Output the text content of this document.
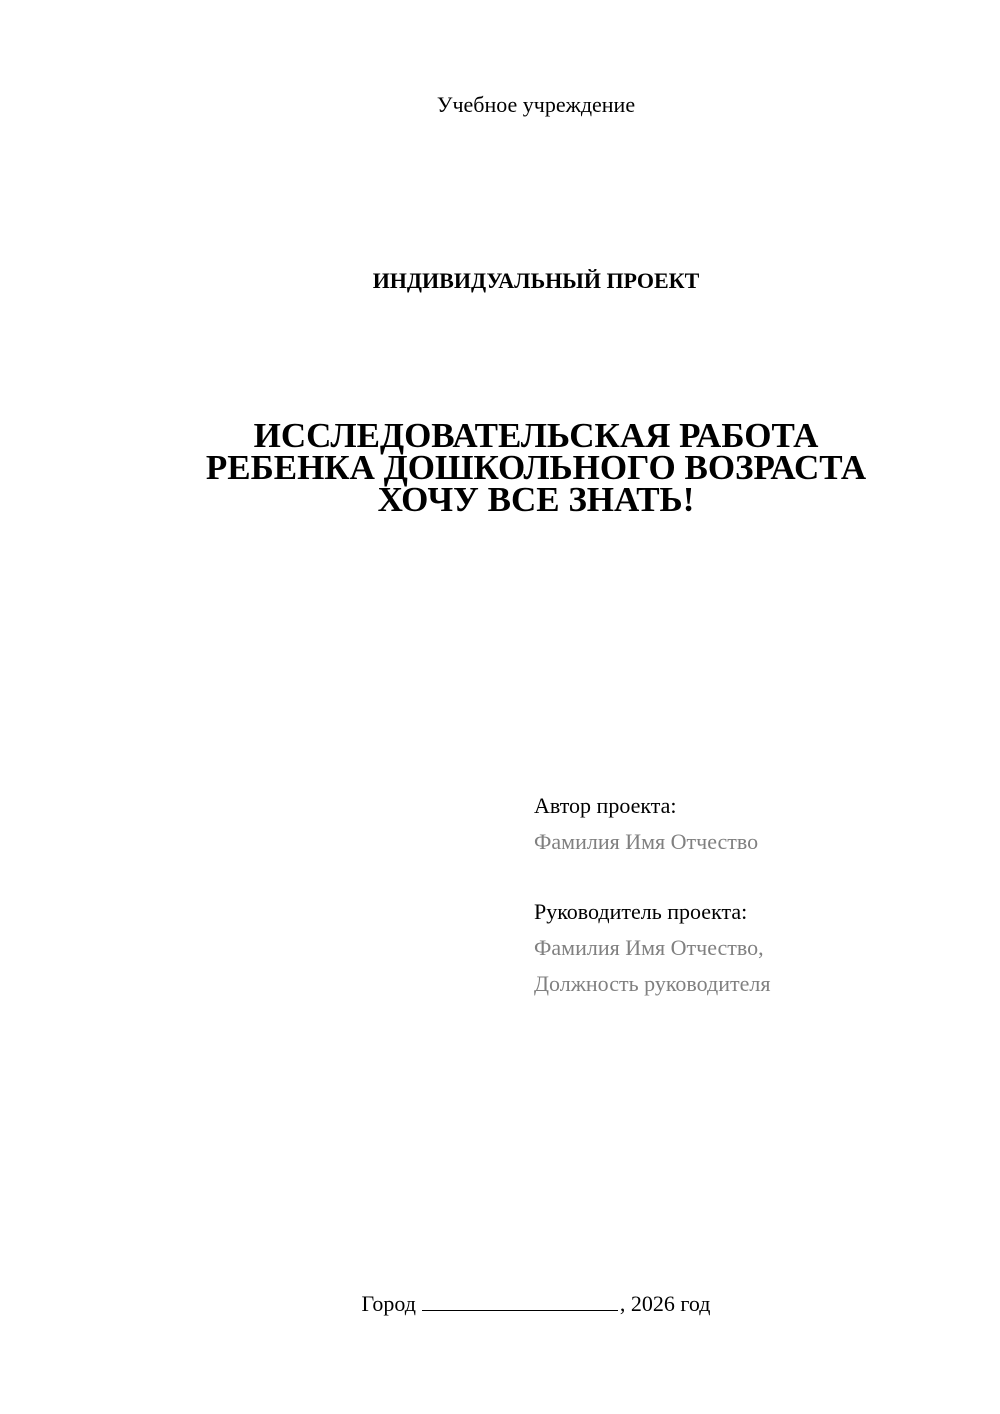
Учебное учреждение
ИНДИВИДУАЛЬНЫЙ ПРОЕКТ
ИССЛЕДОВАТЕЛЬСКАЯ РАБОТА
РЕБЕНКА ДОШКОЛЬНОГО ВОЗРАСТА
ХОЧУ ВСЕ ЗНАТЬ!
Автор проекта:
Фамилия Имя Отчество
Руководитель проекта:
Фамилия Имя Отчество,
Должность руководителя
Город	, 2026 год
